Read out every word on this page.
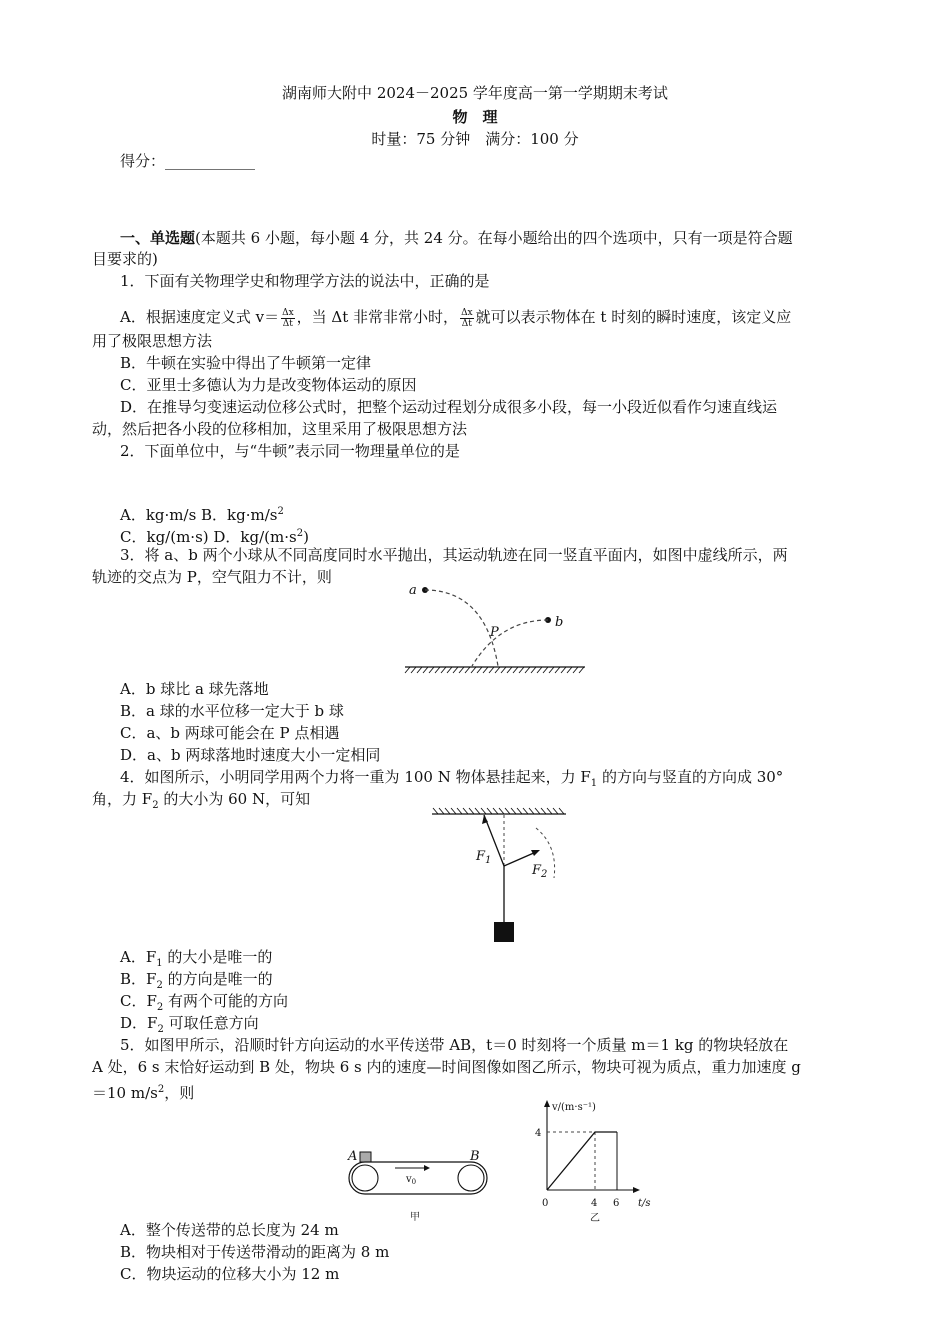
湖南师大附中 2024－2025 学年度高一第一学期期末考试
物　理
时量：75 分钟　满分：100 分
得分：____________
一、单选题(本题共 6 小题，每小题 4 分，共 24 分。在每小题给出的四个选项中，只有一项是符合题
目要求的)
1．下面有关物理学史和物理学方法的说法中，正确的是
A．根据速度定义式 $v= \frac{\Delta x}{\Delta t}$ ，当 Δt 非常非常小时， $\frac{\Delta x}{\Delta t}$ 就可以表示物体在 t 时刻的瞬时速度，该定义应
用了极限思想方法
B．牛顿在实验中得出了牛顿第一定律
C．亚里士多德认为力是改变物体运动的原因
D．在推导匀变速运动位移公式时，把整个运动过程划分成很多小段，每一小段近似看作匀速直线运
动，然后把各小段的位移相加，这里采用了极限思想方法
2．下面单位中，与“牛顿”表示同一物理量单位的是
A．kg·m/s B．$kg\cdot m/s^2$
C．kg/(m·s) D．$kg/(m\cdot s^2)$
3．将 a、b 两个小球从不同高度同时水平抛出，其运动轨迹在同一竖直平面内，如图中虚线所示，两
轨迹的交点为 P，空气阻力不计，则
a
b
P
A．b 球比 a 球先落地
B．a 球的水平位移一定大于 b 球
C．a、b 两球可能会在 P 点相遇
D．a、b 两球落地时速度大小一定相同
4．如图所示，小明同学用两个力将一重为 100 N 物体悬挂起来，力 $F_1$ 的方向与竖直的方向成 30°
角，力 $F_2$ 的大小为 60 N，可知
$F_1$
$F_2$
A．$F_1$ 的大小是唯一的
B．$F_2$ 的方向是唯一的
C．$F_2$ 有两个可能的方向
D．$F_2$ 可取任意方向
5．如图甲所示，沿顺时针方向运动的水平传送带 AB，t＝0 时刻将一个质量 m＝1 kg 的物块轻放在
A 处，6 s 末恰好运动到 B 处，物块 6 s 内的速度—时间图像如图乙所示，物块可视为质点，重力加速度 g
＝10 $m/s^2$，则
A	B
$v_0$
甲
v/(m·s⁻¹)
t/s
0
4
4 6
乙
A．整个传送带的总长度为 24 m
B．物块相对于传送带滑动的距离为 8 m
C．物块运动的位移大小为 12 m
